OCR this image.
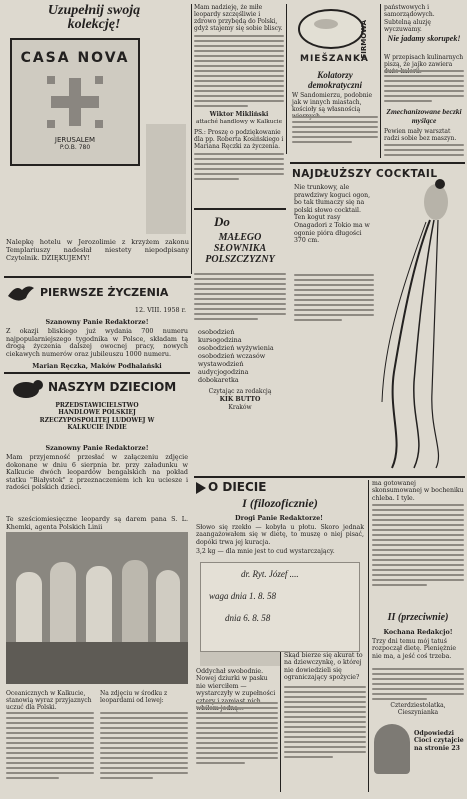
Uzupełnij swoją kolekcję!
CASA NOVA
JERUSALEM
P.O.B. 780
Nalepkę hotelu w Jerozolimie z krzyżem zakonu Templariuszy nadesłał niestety niepodpisany Czytelnik. DZIĘKUJEMY!
Mam nadzieję, że miłe leopardy szczęśliwie i zdrowo przybędą do Polski, gdyż stajemy się sobie bliscy.
Wiktor Mikliński
attaché handlowy w Kalkucie
PS.: Proszę o podziękowanie dla pp. Roberta Kosińskiego i Mariana Ręczki za życzenia.
MIEŠZANKA
FIRMOWA
Kolatorzy demokratyczni
W Sandomierzu, podobnie jak w innych miastach, kościoły są własnością
państwowych i samorządowych.
Subtelną aluzję wyczuwamy.
Nie jadamy skorupek!
W przepisach kulinarnych piszą, że jajko zawiera
Zmechanizowane beczki myślące
Pewien mały warsztat radzi sobie bez maszyn.
PIERWSZE ŻYCZENIA
12. VIII. 1958 r.
Szanowny Panie Redaktorze!
Z okazji bliskiego już wydania 700 numeru najpopularniejszego tygodnika w Polsce, składam tą drogą życzenia dalszej owocnej pracy, nowych ciekawych numerów oraz jubileuszu 1000 numeru.
Marian Ręczka, Maków Podhalański
Do
MAŁEGO SŁOWNIKA POLSZCZYZNY
osobodzień
kursogodzina
osobodzień wyżywienia
osobodzień wczasów
wystawodzień
audycjogodzina
dobokaretka
Czytając za redakcją
KIK BUTTO
Kraków
NAJDŁUŻSZY COCKTAIL
Nie trunkowy, ale prawdziwy koguci ogon, bo tak tłumaczy się na polski słowo cocktail. Ten kogut rasy Onagadori z Tokio ma w ogonie pióra długości 370 cm.
NASZYM DZIECIOM
PRZEDSTAWICIELSTWO HANDLOWE POLSKIEJ RZECZYPOSPOLITEJ LUDOWEJ W KALKUCIE INDIE
Szanowny Panie Redaktorze!
Mam przyjemność przesłać w załączeniu zdjęcie dokonane w dniu 6 sierpnia br. przy załadunku w Kalkucie dwóch leopardów bengalskich na pokład statku "Białystok" z przeznaczeniem ich ku uciesze i radości polskich dzieci.
Te sześciomiesięczne leopardy są darem pana S. L. Khemki, agenta Polskich Linii
Oceanicznych w Kalkucie, stanowią wyraz przyjaznych uczuć dla Polski.
Na zdjęciu w środku z leopardami od lewej:
O DIECIE
I (filozoficznie)
Drogi Panie Redaktorze!
Słowo się rzekło — kobyła u płotu. Skoro jednak zaangażowałem się w dietę, to muszę o niej pisać, dopóki trwa jej kuracja.
3,2 kg — dla mnie jest to cud wystarczający.
dr. Ryt. Józef ....
waga dnia 1. 8. 58
dnia 6. 8. 58
Oddychał swobodnie. Nowej dziurki w pasku nie wierciłem — wystarczyły w zupełności
Skąd bierze się akurat to na dziewczynkę, o której nie dowiedzieli się ograniczający spożycie?
ma gotowanej skonsumowanej w bocheniku chleba. I tyle.
II (przeciwnie)
Kochana Redakcjo!
Trzy dni temu mój tatuś rozpoczął dietę. Pieniężnie nie ma, a jeść coś trzeba.
Czterdziestolatka, Cieszynianka
Odpowiedzi Cioci czytajcie na stronie 23
